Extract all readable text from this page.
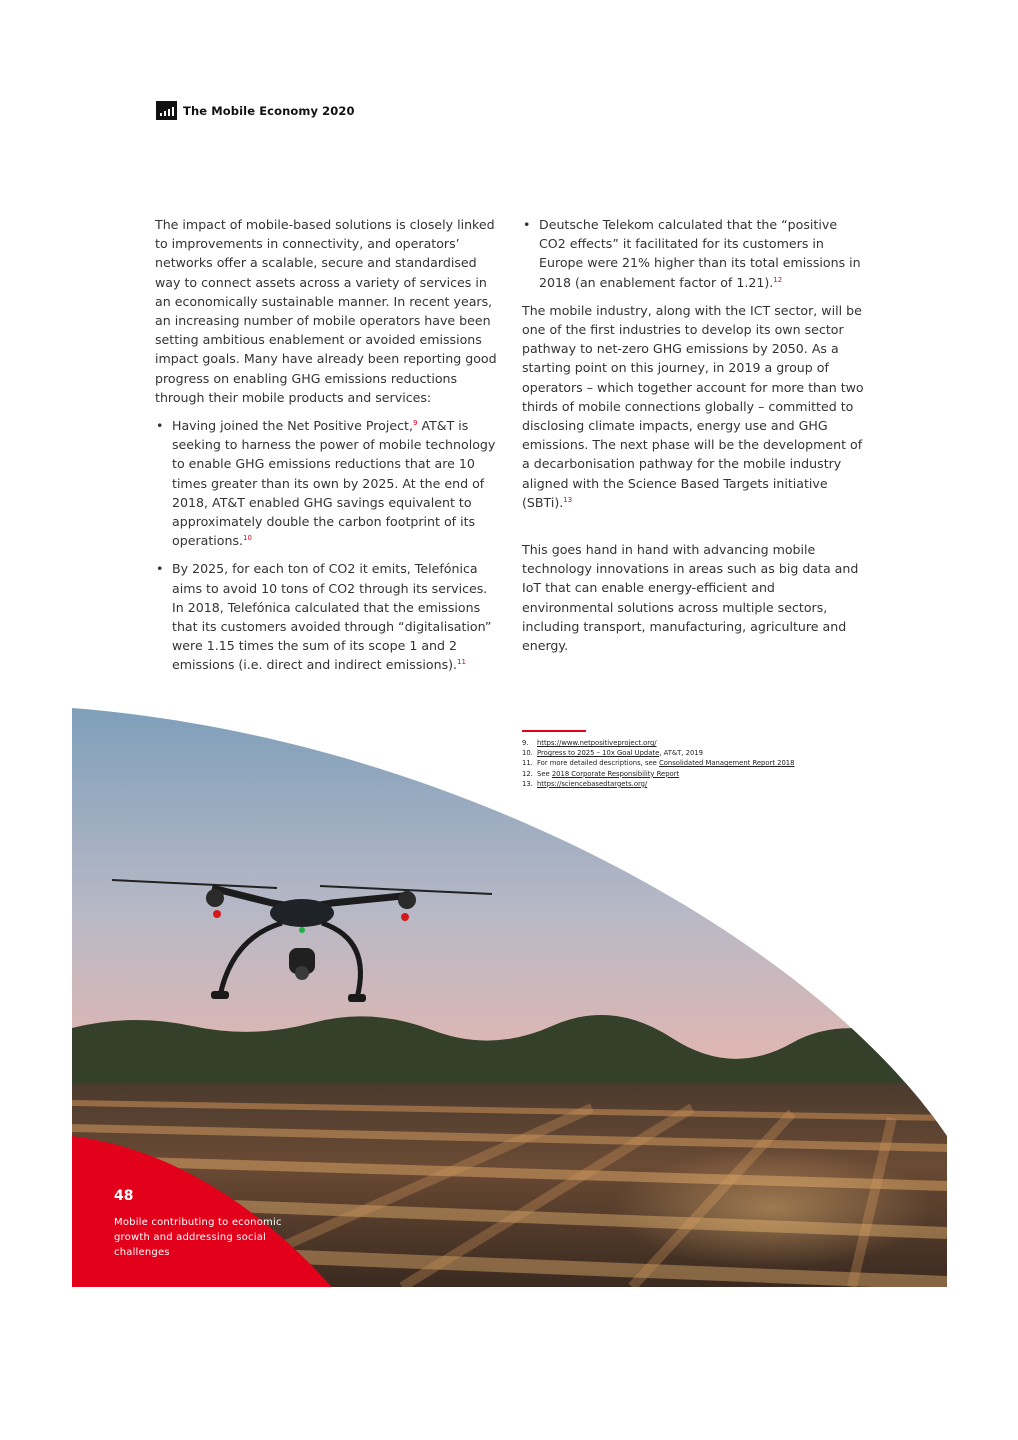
The Mobile Economy 2020

The impact of mobile-based solutions is closely linked to improvements in connectivity, and operators’ networks offer a scalable, secure and standardised way to connect assets across a variety of services in an economically sustainable manner. In recent years, an increasing number of mobile operators have been setting ambitious enablement or avoided emissions impact goals. Many have already been reporting good progress on enabling GHG emissions reductions through their mobile products and services:

• Having joined the Net Positive Project,$^9$ AT&T is seeking to harness the power of mobile technology to enable GHG emissions reductions that are 10 times greater than its own by 2025. At the end of 2018, AT&T enabled GHG savings equivalent to approximately double the carbon footprint of its operations.$^{10}$
• By 2025, for each ton of CO2 it emits, Telefónica aims to avoid 10 tons of CO2 through its services. In 2018, Telefónica calculated that the emissions that its customers avoided through “digitalisation” were 1.15 times the sum of its scope 1 and 2 emissions (i.e. direct and indirect emissions).$^{11}$
• Deutsche Telekom calculated that the “positive CO2 effects” it facilitated for its customers in Europe were 21% higher than its total emissions in 2018 (an enablement factor of 1.21).$^{12}$

The mobile industry, along with the ICT sector, will be one of the first industries to develop its own sector pathway to net-zero GHG emissions by 2050. As a starting point on this journey, in 2019 a group of operators – which together account for more than two thirds of mobile connections globally – committed to disclosing climate impacts, energy use and GHG emissions. The next phase will be the development of a decarbonisation pathway for the mobile industry aligned with the Science Based Targets initiative (SBTi).$^{13}$

This goes hand in hand with advancing mobile technology innovations in areas such as big data and IoT that can enable energy-efficient and environmental solutions across multiple sectors, including transport, manufacturing, agriculture and energy.

9.	https://www.netpositiveproject.org/
10. Progress to 2025 – 10x Goal Update, AT&T, 2019
11. For more detailed descriptions, see Consolidated Management Report 2018
12. See 2018 Corporate Responsibility Report
13. https://sciencebasedtargets.org/
48
Mobile contributing to economic growth and addressing social challenges
